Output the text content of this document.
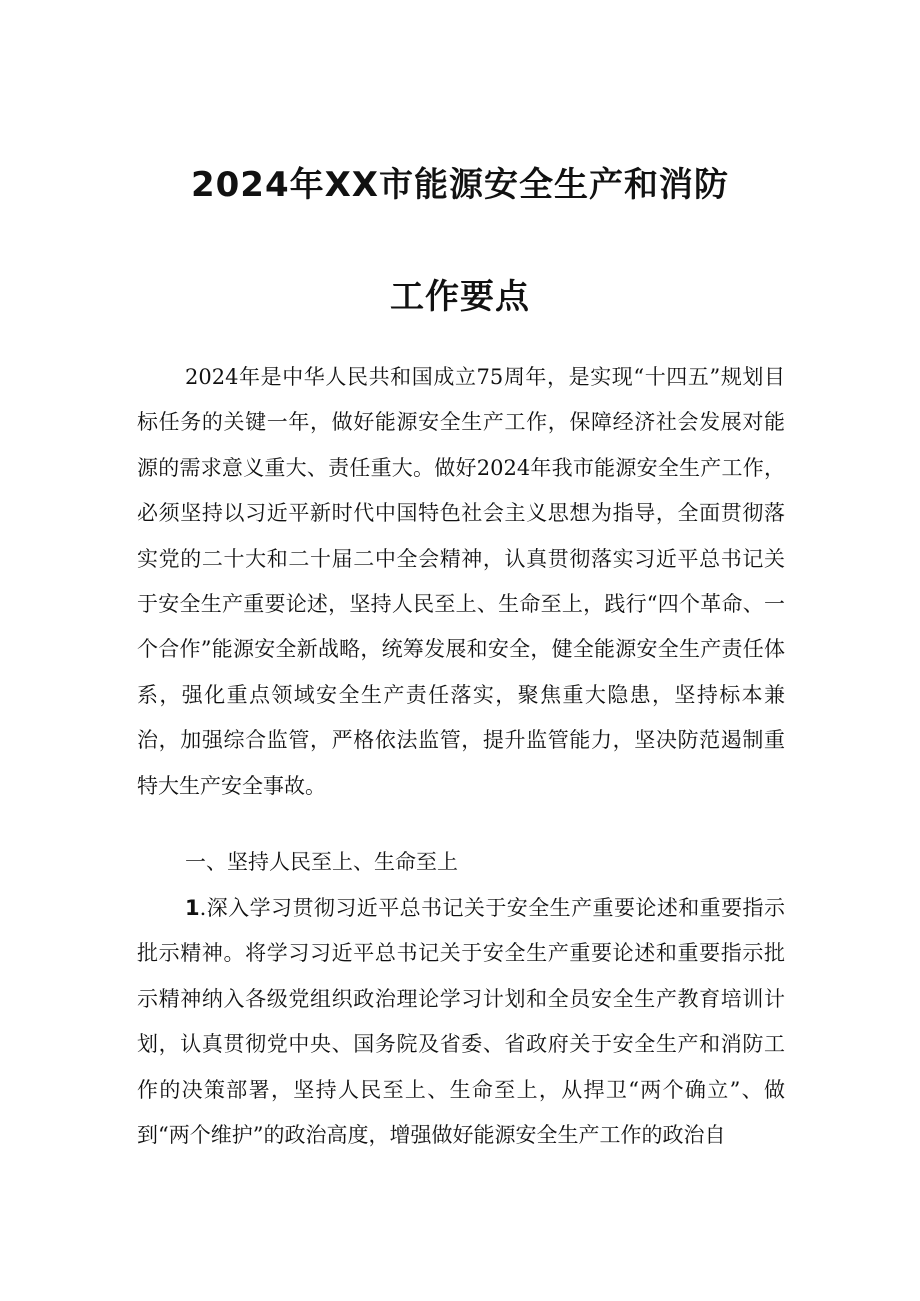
2024年XX市能源安全生产和消防
工作要点

2024年是中华人民共和国成立75周年，是实现“十四五”规划目标任务的关键一年，做好能源安全生产工作，保障经济社会发展对能源的需求意义重大、责任重大。做好2024年我市能源安全生产工作，必须坚持以习近平新时代中国特色社会主义思想为指导，全面贯彻落实党的二十大和二十届二中全会精神，认真贯彻落实习近平总书记关于安全生产重要论述，坚持人民至上、生命至上，践行“四个革命、一个合作”能源安全新战略，统筹发展和安全，健全能源安全生产责任体系，强化重点领域安全生产责任落实，聚焦重大隐患，坚持标本兼治，加强综合监管，严格依法监管，提升监管能力，坚决防范遏制重特大生产安全事故。

一、坚持人民至上、生命至上

1.深入学习贯彻习近平总书记关于安全生产重要论述和重要指示批示精神。将学习习近平总书记关于安全生产重要论述和重要指示批示精神纳入各级党组织政治理论学习计划和全员安全生产教育培训计划，认真贯彻党中央、国务院及省委、省政府关于安全生产和消防工作的决策部署，坚持人民至上、生命至上，从捍卫“两个确立”、做到“两个维护”的政治高度，增强做好能源安全生产工作的政治自
